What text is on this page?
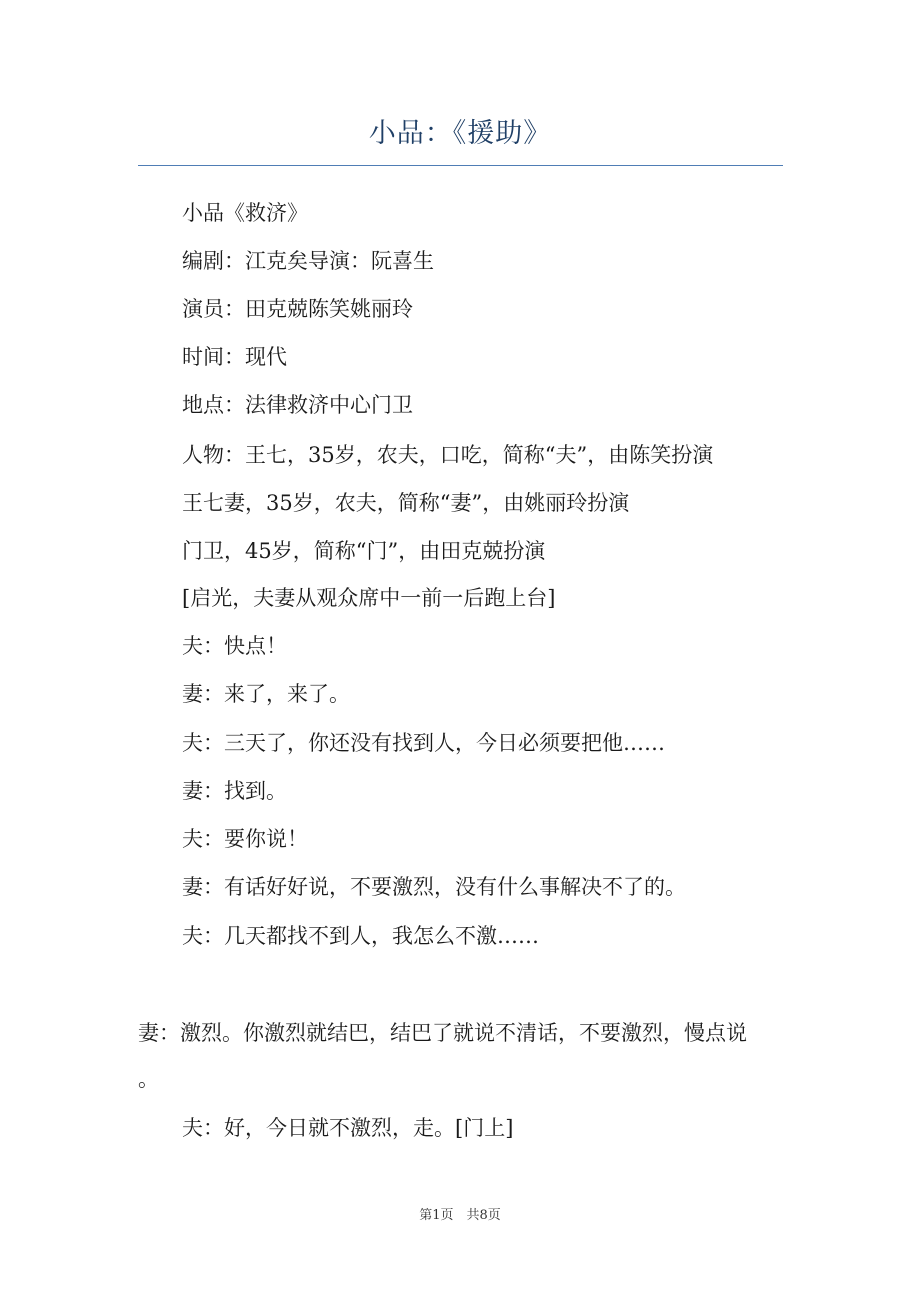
小品：《援助》
小品《救济》
编剧：江克矣导演：阮喜生
演员：田克兢陈笑姚丽玲
时间：现代
地点：法律救济中心门卫
人物：王七，35岁，农夫，口吃，简称“夫”，由陈笑扮演
王七妻，35岁，农夫，简称“妻”，由姚丽玲扮演
门卫，45岁，简称“门”，由田克兢扮演
[启光，夫妻从观众席中一前一后跑上台]
夫：快点！
妻：来了，来了。
夫：三天了，你还没有找到人，今日必须要把他……
妻：找到。
夫：要你说！
妻：有话好好说，不要激烈，没有什么事解决不了的。
夫：几天都找不到人，我怎么不激……
妻：激烈。你激烈就结巴，结巴了就说不清话，不要激烈，慢点说
。
夫：好，今日就不激烈，走。[门上]
第1页　共8页
